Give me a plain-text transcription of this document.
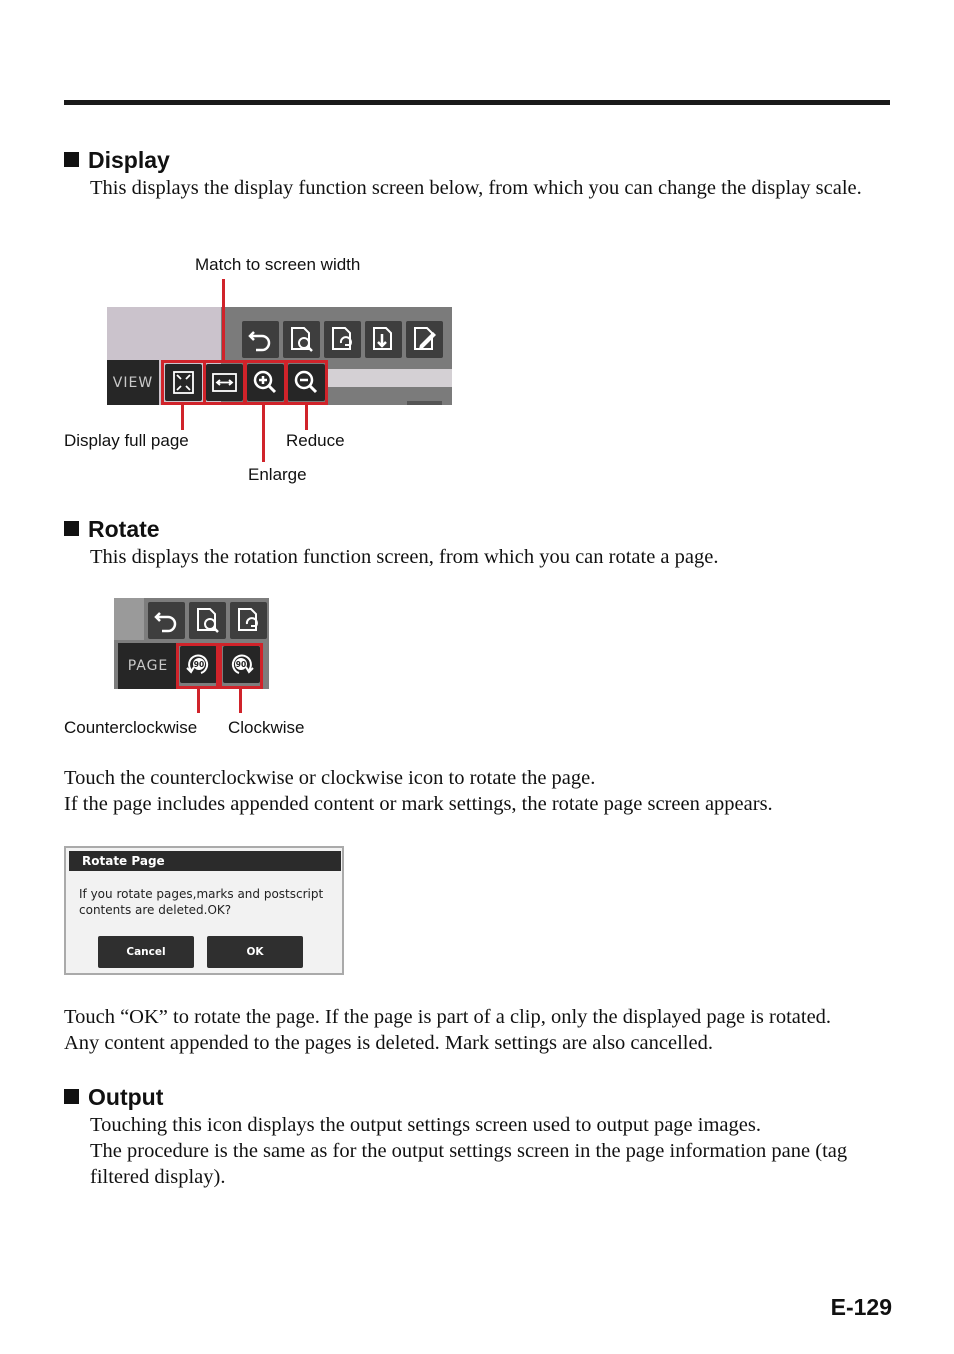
Display
This displays the display function screen below, from which you can change the display scale.
Match to screen width
Display full page	Reduce
Enlarge
VIEW
Rotate
This displays the rotation function screen, from which you can rotate a page.
PAGE	90	90
Counterclockwise Clockwise
Touch the counterclockwise or clockwise icon to rotate the page.
If the page includes appended content or mark settings, the rotate page screen appears.
Rotate Page
If you rotate pages,marks and postscript contents are deleted.OK?
Cancel	OK
Touch “OK” to rotate the page. If the page is part of a clip, only the displayed page is rotated.
Any content appended to the pages is deleted. Mark settings are also cancelled.
Output
Touching this icon displays the output settings screen used to output page images.
The procedure is the same as for the output settings screen in the page information pane (tag filtered display).
E-129
